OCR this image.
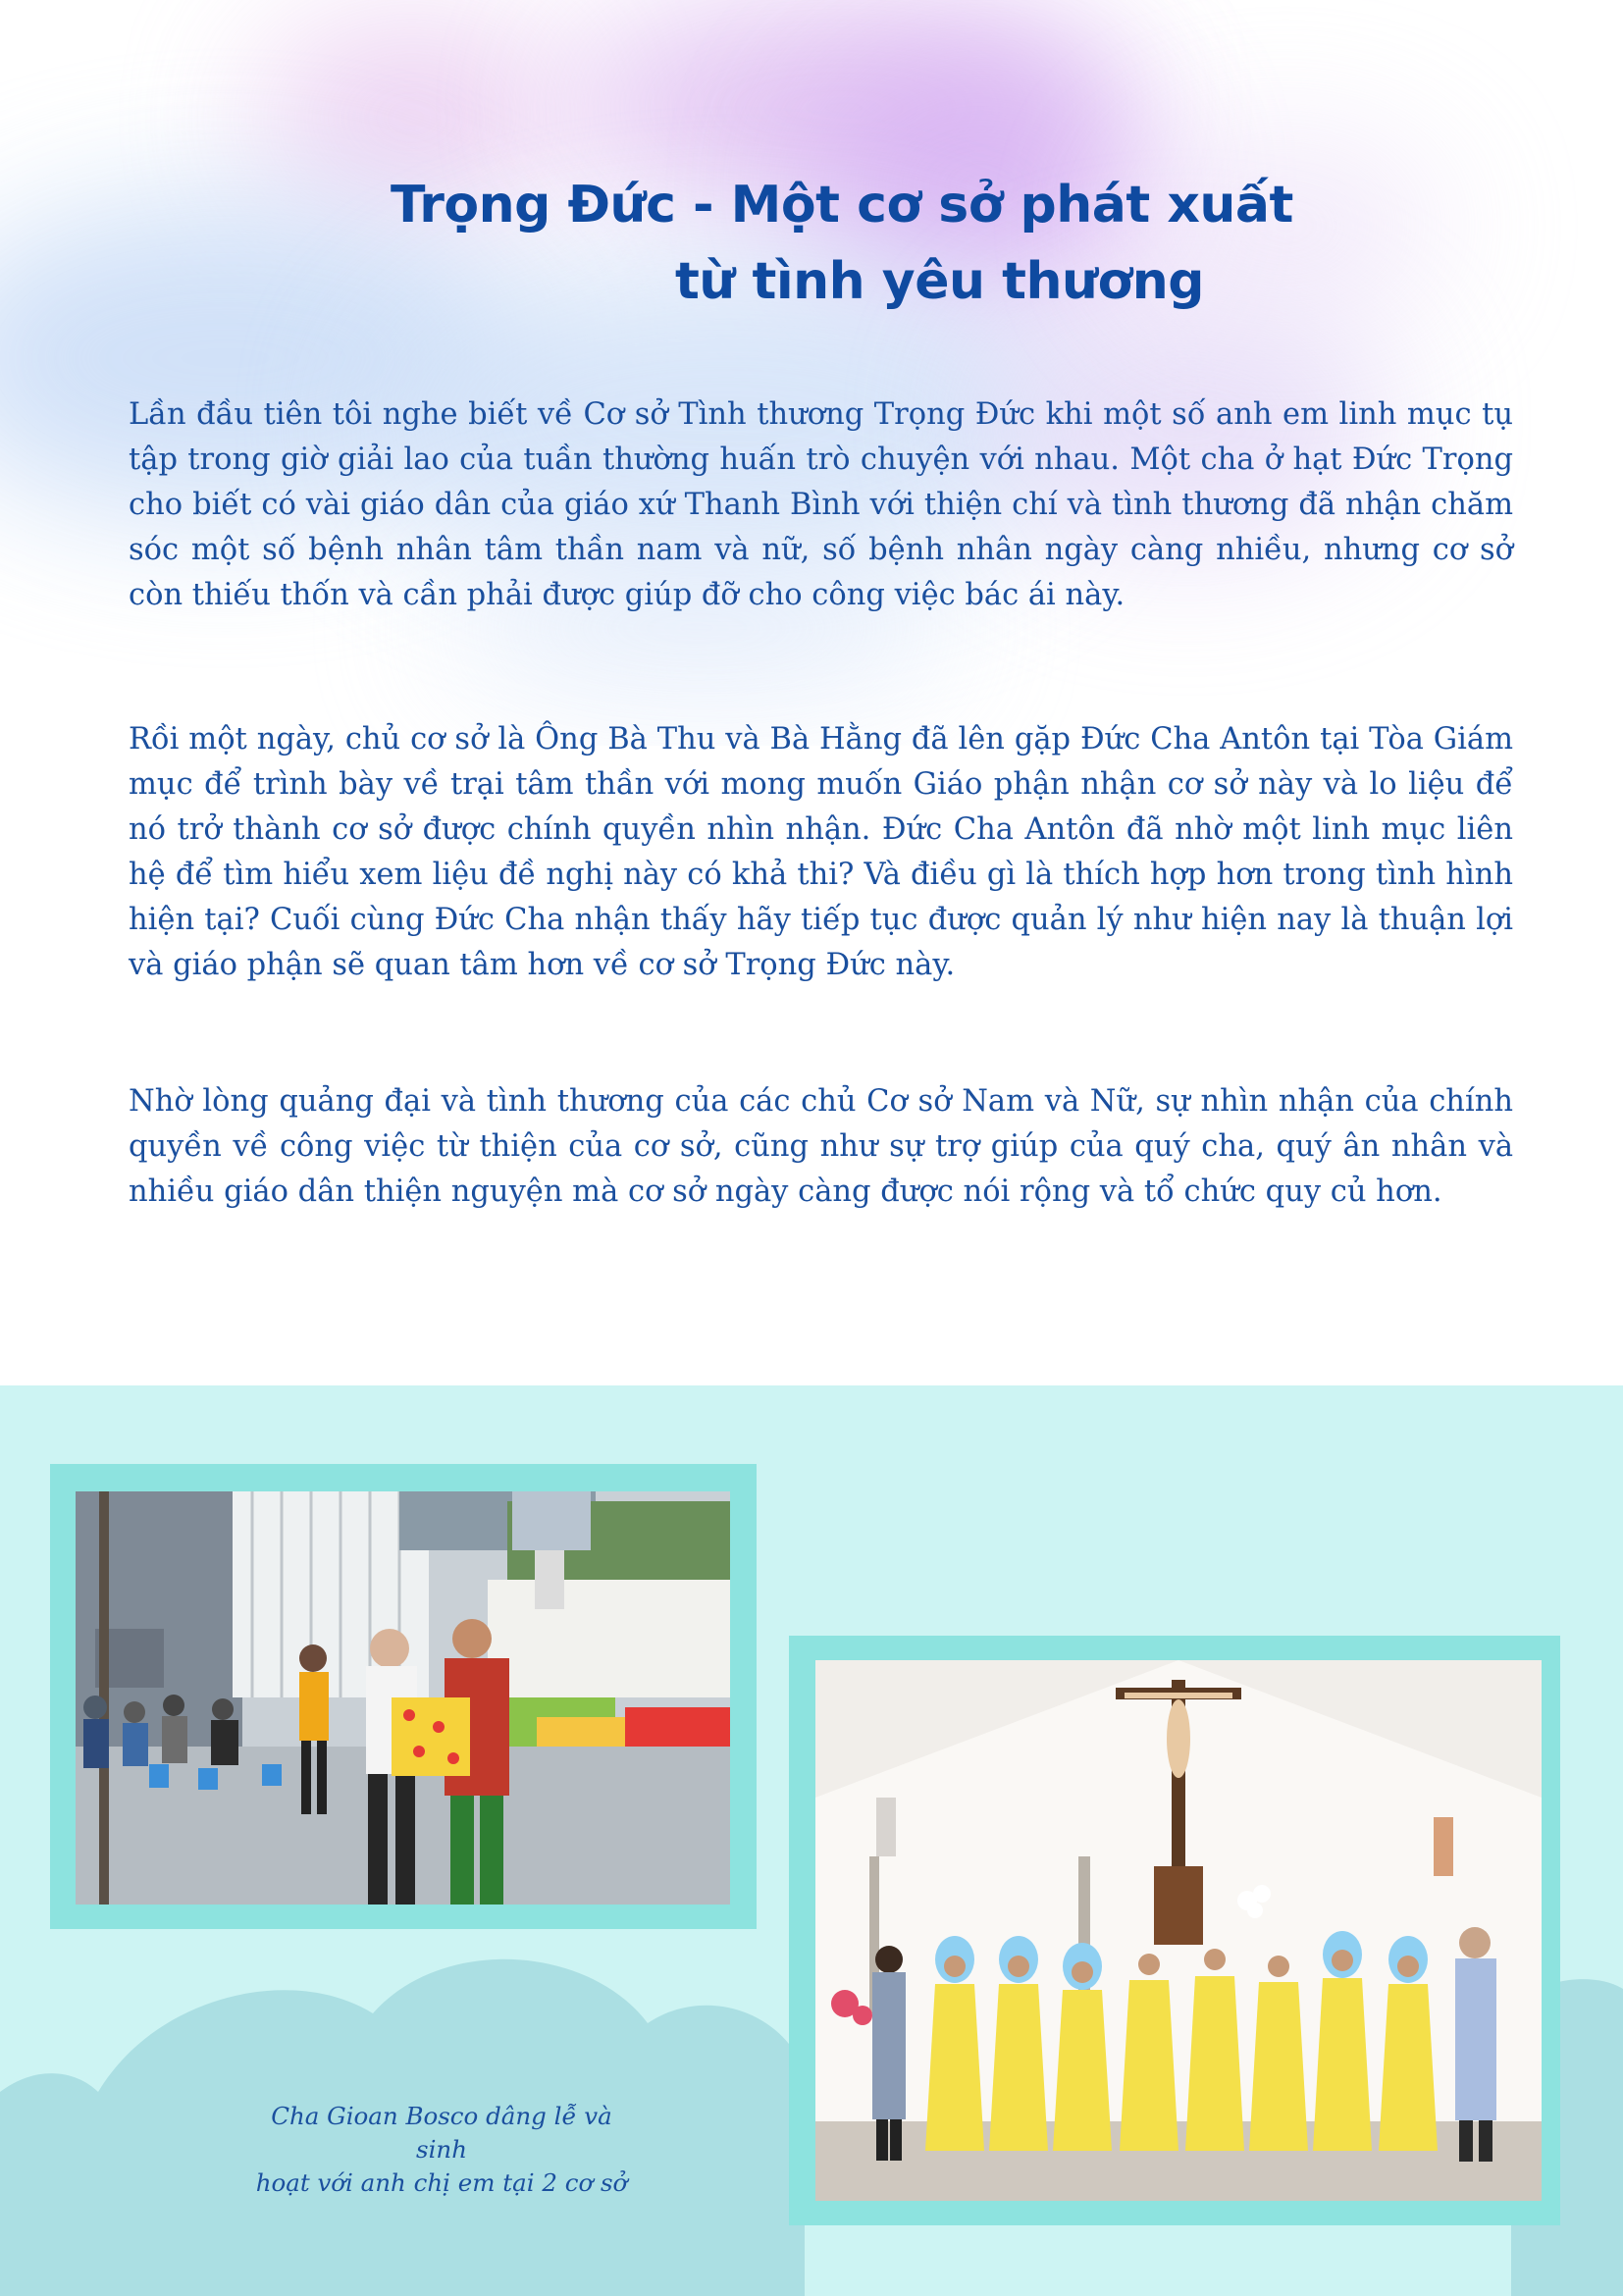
Trọng Đức - Một cơ sở phát xuất
từ tình yêu thương

Lần đầu tiên tôi nghe biết về Cơ sở Tình thương Trọng Đức khi một số anh em linh mục tụ tập trong giờ giải lao của tuần thường huấn trò chuyện với nhau. Một cha ở hạt Đức Trọng cho biết có vài giáo dân của giáo xứ Thanh Bình với thiện chí và tình thương đã nhận chăm sóc một số bệnh nhân tâm thần nam và nữ, số bệnh nhân ngày càng nhiều, nhưng cơ sở còn thiếu thốn và cần phải được giúp đỡ cho công việc bác ái này.

Rồi một ngày, chủ cơ sở là Ông Bà Thu và Bà Hằng đã lên gặp Đức Cha Antôn tại Tòa Giám mục để trình bày về trại tâm thần với mong muốn Giáo phận nhận cơ sở này và lo liệu để nó trở thành cơ sở được chính quyền nhìn nhận. Đức Cha Antôn đã nhờ một linh mục liên hệ để tìm hiểu xem liệu đề nghị này có khả thi? Và điều gì là thích hợp hơn trong tình hình hiện tại? Cuối cùng Đức Cha nhận thấy hãy tiếp tục được quản lý như hiện nay là thuận lợi và giáo phận sẽ quan tâm hơn về cơ sở Trọng Đức này.

Nhờ lòng quảng đại và tình thương của các chủ Cơ sở Nam và Nữ, sự nhìn nhận của chính quyền về công việc từ thiện của cơ sở, cũng như sự trợ giúp của quý cha, quý ân nhân và nhiều giáo dân thiện nguyện mà cơ sở ngày càng được nói rộng và tổ chức quy củ hơn.

Cha Gioan Bosco dâng lễ và sinh
hoạt với anh chị em tại 2 cơ sở
